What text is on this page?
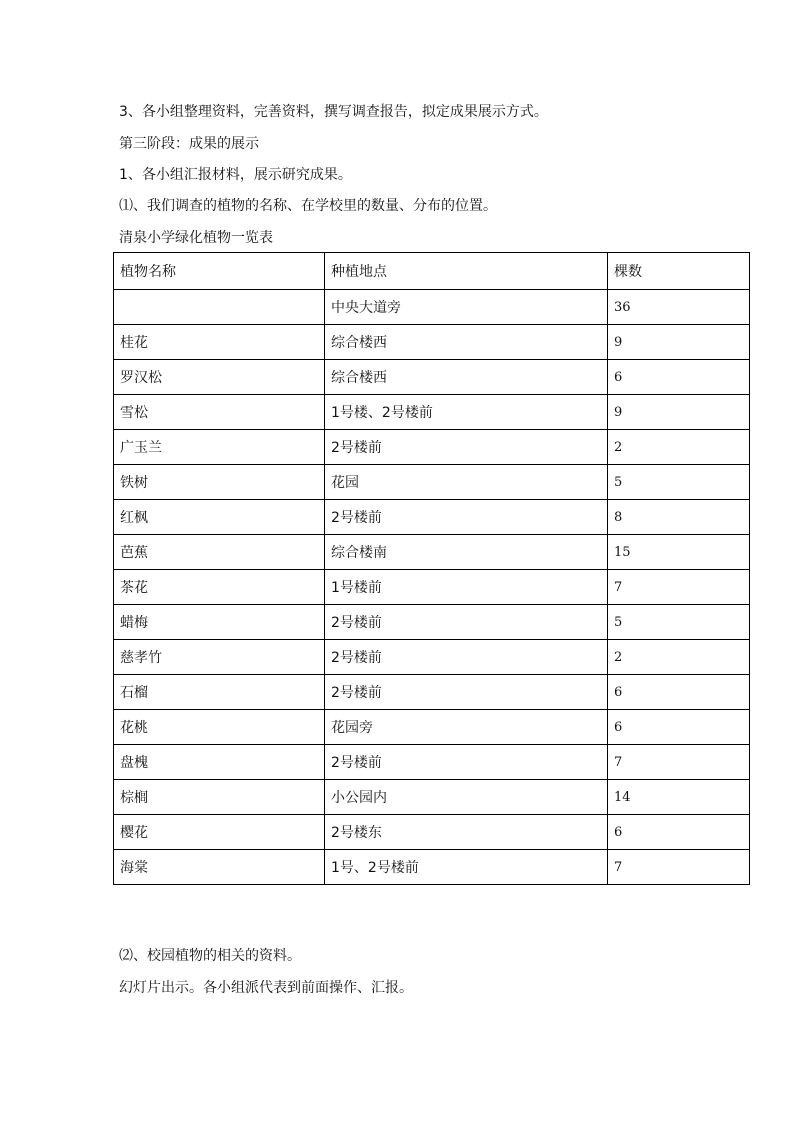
3、各小组整理资料，完善资料，撰写调查报告，拟定成果展示方式。
第三阶段：成果的展示
1、各小组汇报材料，展示研究成果。
⑴、我们调查的植物的名称、在学校里的数量、分布的位置。
清泉小学绿化植物一览表
植物名称	种植地点	棵数
	中央大道旁	36
桂花	综合楼西	9
罗汉松	综合楼西	6
雪松	1号楼、2号楼前	9
广玉兰	2号楼前	2
铁树	花园	5
红枫	2号楼前	8
芭蕉	综合楼南	15
茶花	1号楼前	7
蜡梅	2号楼前	5
慈孝竹	2号楼前	2
石榴	2号楼前	6
花桃	花园旁	6
盘槐	2号楼前	7
棕榈	小公园内	14
樱花	2号楼东	6
海棠	1号、2号楼前	7
⑵、校园植物的相关的资料。
幻灯片出示。各小组派代表到前面操作、汇报。
